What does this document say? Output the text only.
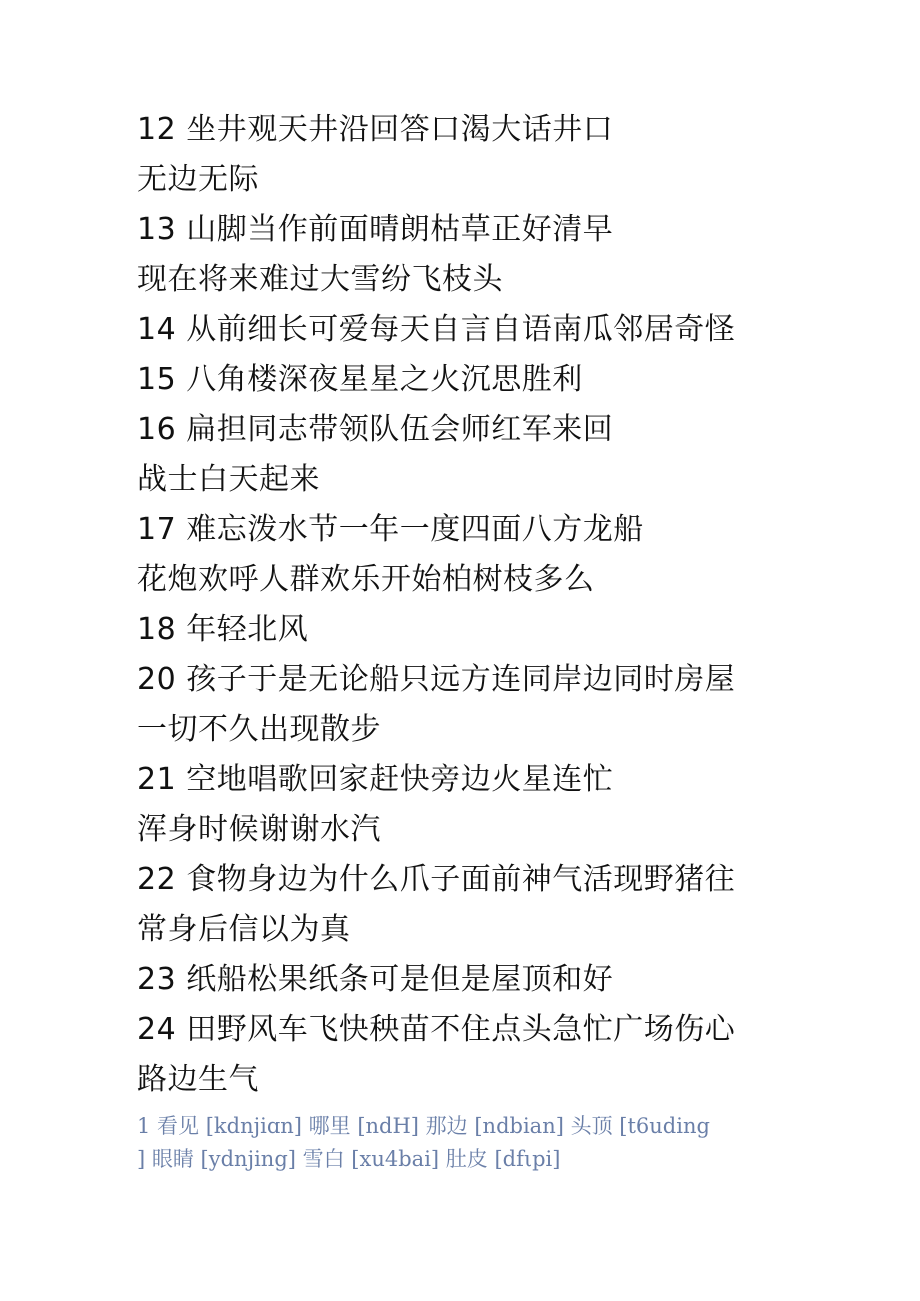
12 坐井观天井沿回答口渴大话井口
无边无际
13 山脚当作前面晴朗枯草正好清早
现在将来难过大雪纷飞枝头
14 从前细长可爱每天自言自语南瓜邻居奇怪
15 八角楼深夜星星之火沉思胜利
16 扁担同志带领队伍会师红军来回
战士白天起来
17 难忘泼水节一年一度四面八方龙船
花炮欢呼人群欢乐开始柏树枝多么
18 年轻北风
20 孩子于是无论船只远方连同岸边同时房屋
一切不久出现散步
21 空地唱歌回家赶快旁边火星连忙
浑身时候谢谢水汽
22 食物身边为什么爪子面前神气活现野猪往
常身后信以为真
23 纸船松果纸条可是但是屋顶和好
24 田野风车飞快秧苗不住点头急忙广场伤心
路边生气
1 看见 [kdnjiɑn] 哪里 [ndH] 那边 [ndbian] 头顶 [t6uding
] 眼睛 [ydnjing] 雪白 [xu4bai] 肚皮 [dfιpi]
